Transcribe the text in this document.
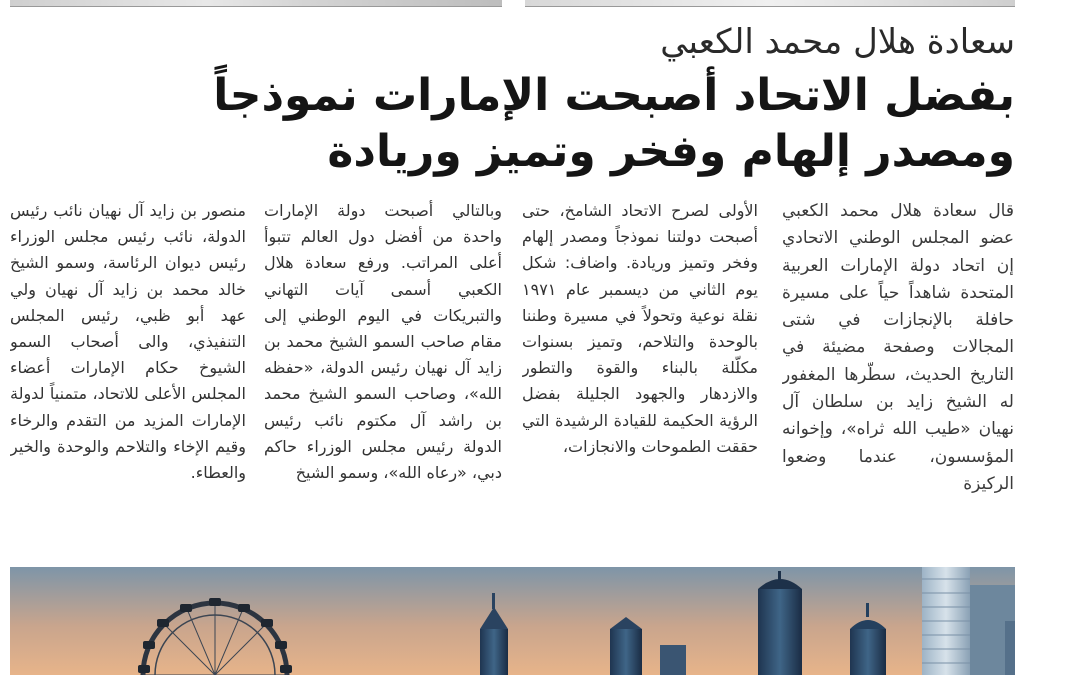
سعادة هلال محمد الكعبي
بفضل الاتحاد أصبحت الإمارات نموذجاً ومصدر إلهام وفخر وتميز وريادة
قال سعادة هلال محمد الكعبي عضو المجلس الوطني الاتحادي إن اتحاد دولة الإمارات العربية المتحدة شاهداً حياً على مسيرة حافلة بالإنجازات في شتى المجالات وصفحة مضيئة في التاريخ الحديث، سطّرها المغفور له الشيخ زايد بن سلطان آل نهيان «طيب الله ثراه»، وإخوانه المؤسسون، عندما وضعوا الركيزة
الأولى لصرح الاتحاد الشامخ، حتى أصبحت دولتنا نموذجاً ومصدر إلهام وفخر وتميز وريادة. واضاف: شكل يوم الثاني من ديسمبر عام ١٩٧١ نقلة نوعية وتحولاً في مسيرة وطننا بالوحدة والتلاحم، وتميز بسنوات مكلّلة بالبناء والقوة والتطور والازدهار والجهود الجليلة بفضل الرؤية الحكيمة للقيادة الرشيدة التي حققت الطموحات والانجازات،
وبالتالي أصبحت دولة الإمارات واحدة من أفضل دول العالم تتبوأ أعلى المراتب. ورفع سعادة هلال الكعبي أسمى آيات التهاني والتبريكات في اليوم الوطني إلى مقام صاحب السمو الشيخ محمد بن زايد آل نهيان رئيس الدولة، «حفظه الله»، وصاحب السمو الشيخ محمد بن راشد آل مكتوم نائب رئيس الدولة رئيس مجلس الوزراء حاكم دبي، «رعاه الله»، وسمو الشيخ
منصور بن زايد آل نهيان نائب رئيس الدولة، نائب رئيس مجلس الوزراء رئيس ديوان الرئاسة، وسمو الشيخ خالد محمد بن زايد آل نهيان ولي عهد أبو ظبي، رئيس المجلس التنفيذي، والى أصحاب السمو الشيوخ حكام الإمارات أعضاء المجلس الأعلى للاتحاد، متمنياً لدولة الإمارات المزيد من التقدم والرخاء وقيم الإخاء والتلاحم والوحدة والخير والعطاء.
